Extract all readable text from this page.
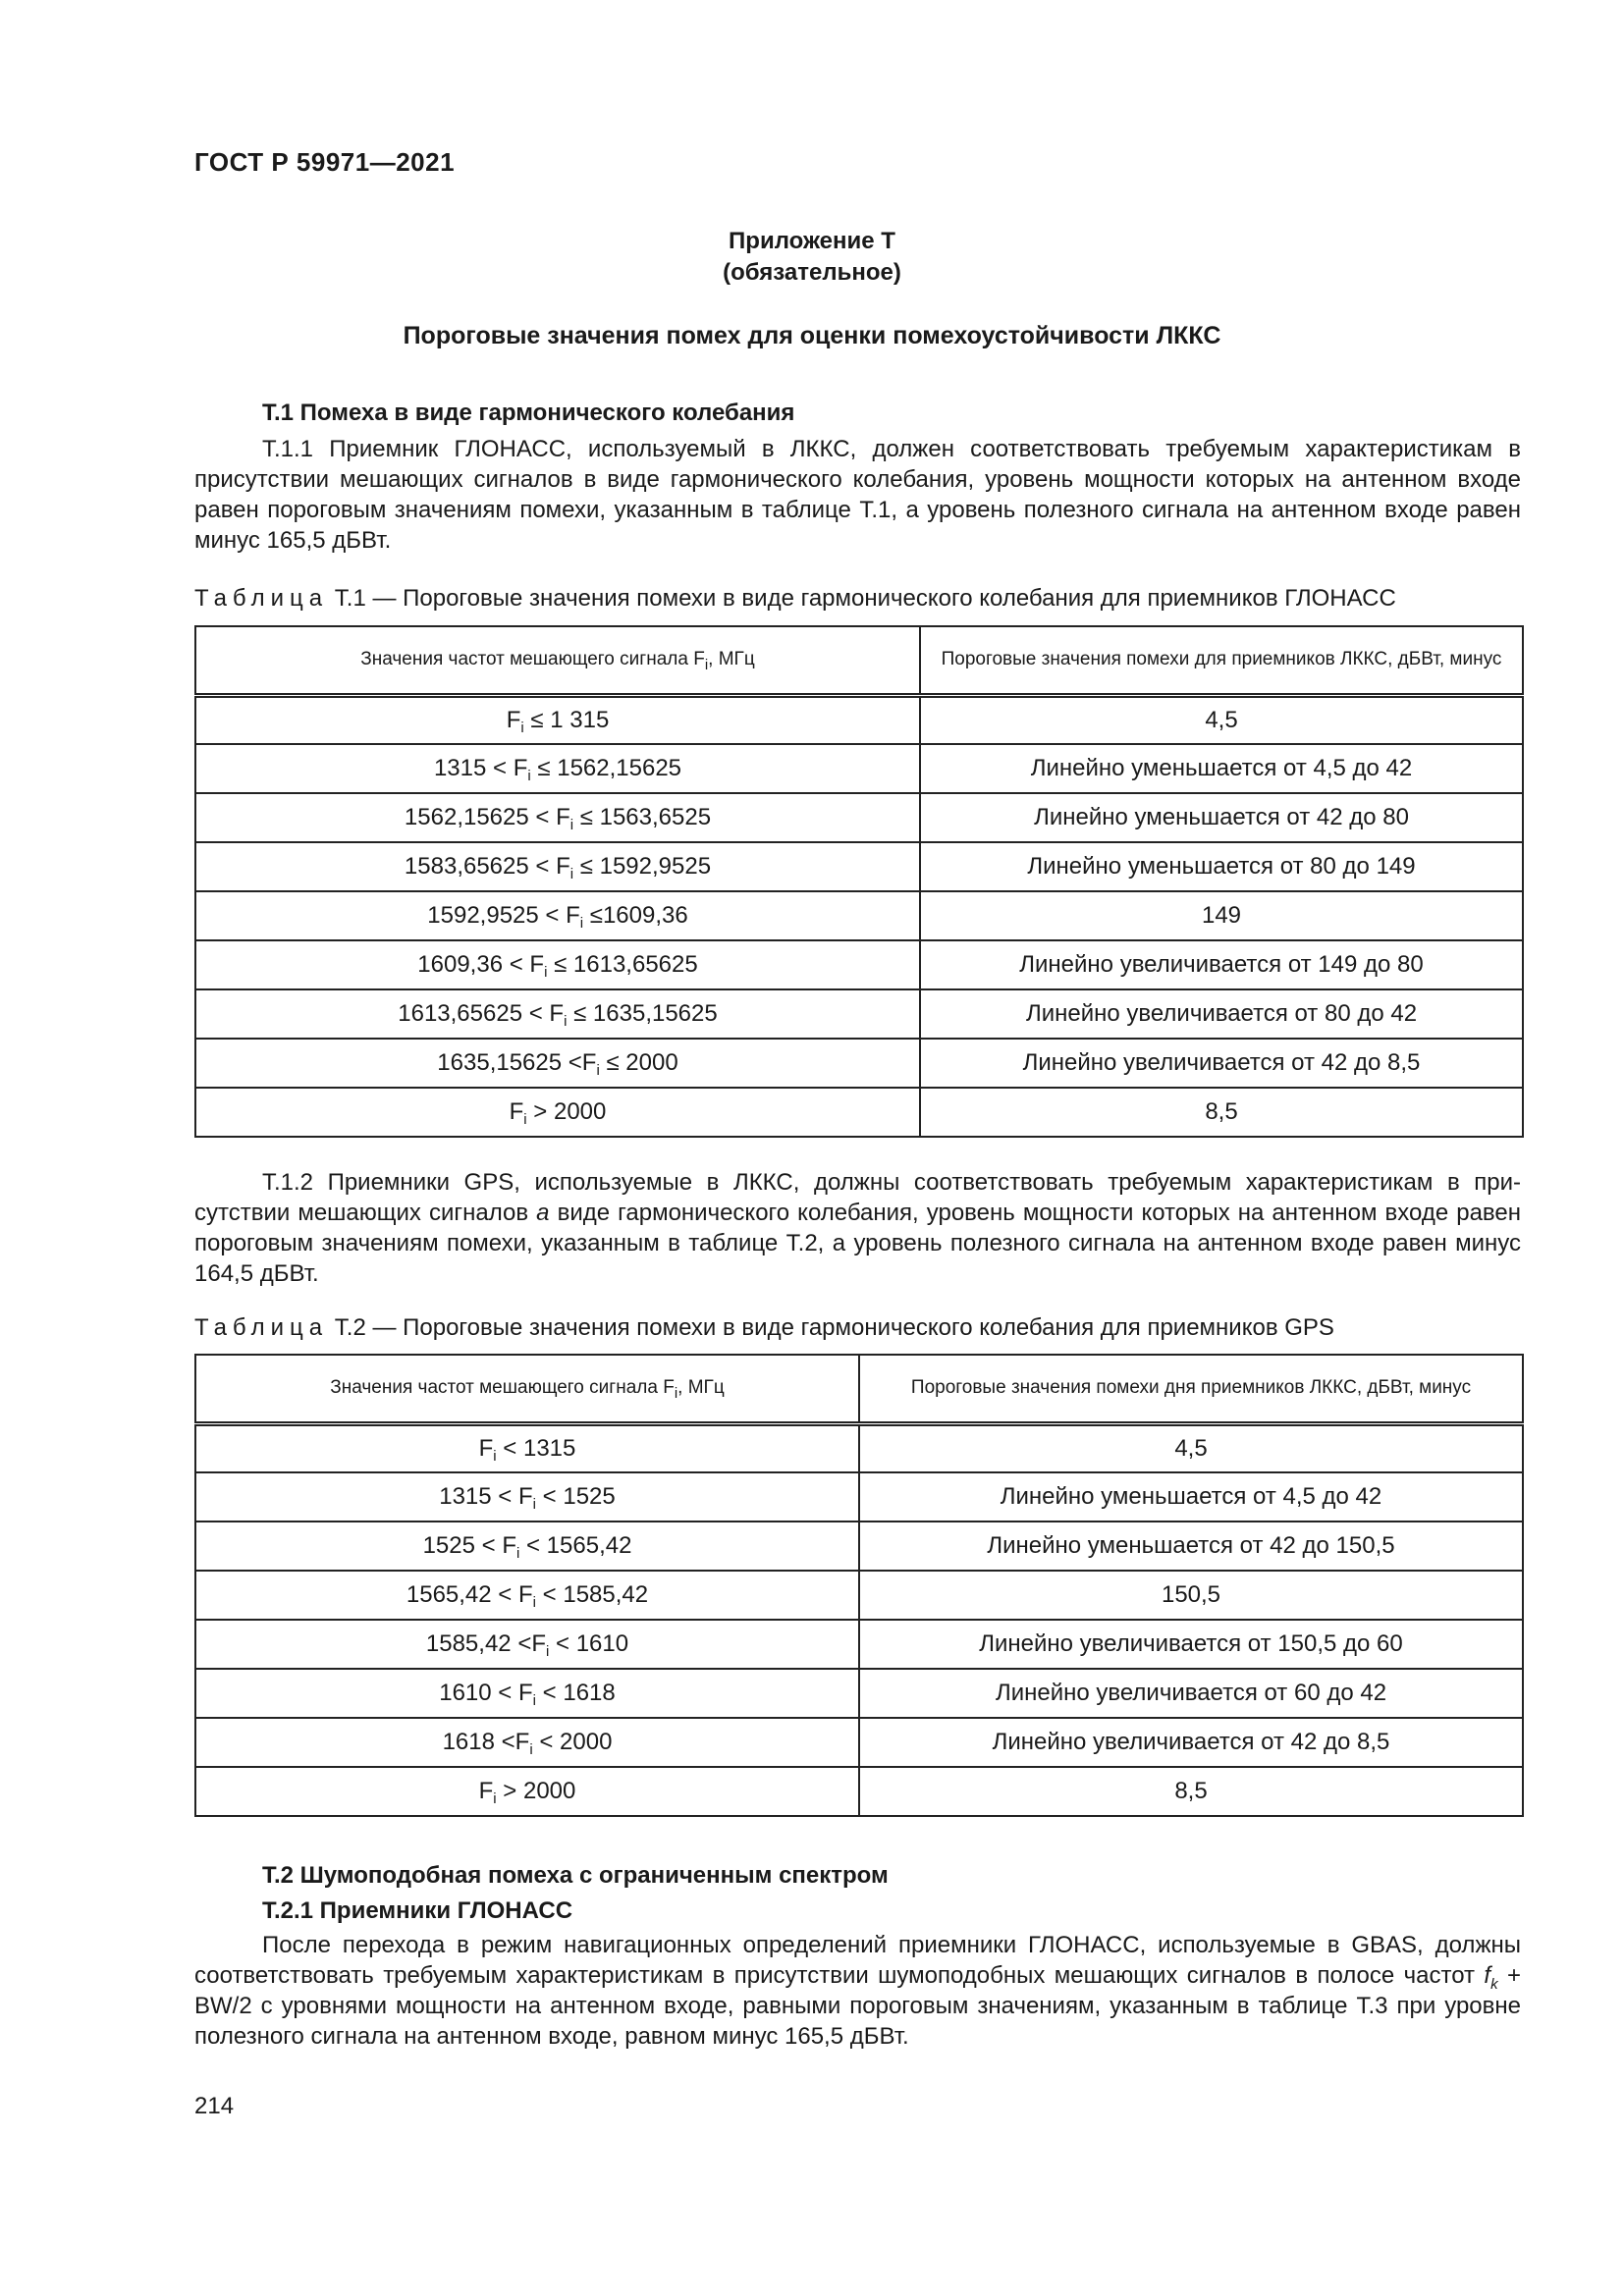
ГОСТ Р 59971—2021
Приложение Т
(обязательное)
Пороговые значения помех для оценки помехоустойчивости ЛККС
Т.1 Помеха в виде гармонического колебания

Т.1.1 Приемник ГЛОНАСС, используемый в ЛККС, должен соответствовать требуемым характеристикам в присутствии мешающих сигналов в виде гармонического колебания, уровень мощности которых на антенном входе равен пороговым значениям помехи, указанным в таблице Т.1, а уровень полезного сигнала на антенном входе равен минус 165,5 дБВт.

Таблица Т.1 — Пороговые значения помехи в виде гармонического колебания для приемников ГЛОНАСС
Значения частот мешающего сигнала $F_i$, МГц	Пороговые значения помехи для приемников ЛККС, дБВт, минус
$F_i \le 1$ 315	4,5
$1315 < F_i \le 1562,15625$	Линейно уменьшается от 4,5 до 42
$1562,15625 < F_i \le 1563,6525$	Линейно уменьшается от 42 до 80
$1583,65625 < F_i \le 1592,9525$	Линейно уменьшается от 80 до 149
$1592,9525 < F_i \le 1609,36$	149
$1609,36 < F_i \le 1613,65625$	Линейно увеличивается от 149 до 80
$1613,65625 < F_i \le 1635,15625$	Линейно увеличивается от 80 до 42
$1635,15625 <F_i \le 2000$	Линейно увеличивается от 42 до 8,5
$F_i > 2000$	8,5

Т.1.2 Приемники GPS, используемые в ЛККС, должны соответствовать требуемым характеристикам в присутствии мешающих сигналов а виде гармонического колебания, уровень мощности которых на антенном входе равен пороговым значениям помехи, указанным в таблице Т.2, а уровень полезного сигнала на антенном входе равен минус 164,5 дБВт.

Таблица Т.2 — Пороговые значения помехи в виде гармонического колебания для приемников GPS
Значения частот мешающего сигнала $F_i$, МГц	Пороговые значения помехи дня приемников ЛККС, дБВт, минус
$F_i < 1315$	4,5
$1315 < F_i < 1525$	Линейно уменьшается от 4,5 до 42
$1525 < F_i < 1565,42$	Линейно уменьшается от 42 до 150,5
$1565,42 < F_i < 1585,42$	150,5
$1585,42 <F_i < 1610$	Линейно увеличивается от 150,5 до 60
$1610 < F_i < 1618$	Линейно увеличивается от 60 до 42
$1618 <F_i < 2000$	Линейно увеличивается от 42 до 8,5
$F_i > 2000$	8,5
Т.2 Шумоподобная помеха с ограниченным спектром
Т.2.1 Приемники ГЛОНАСС

После перехода в режим навигационных определений приемники ГЛОНАСС, используемые в GBAS, должны соответствовать требуемым характеристикам в присутствии шумоподобных мешающих сигналов в полосе частот $f_k + BW/2$ с уровнями мощности на антенном входе, равными пороговым значениям, указанным в таблице Т.3 при уровне полезного сигнала на антенном входе, равном минус 165,5 дБВт.

214
